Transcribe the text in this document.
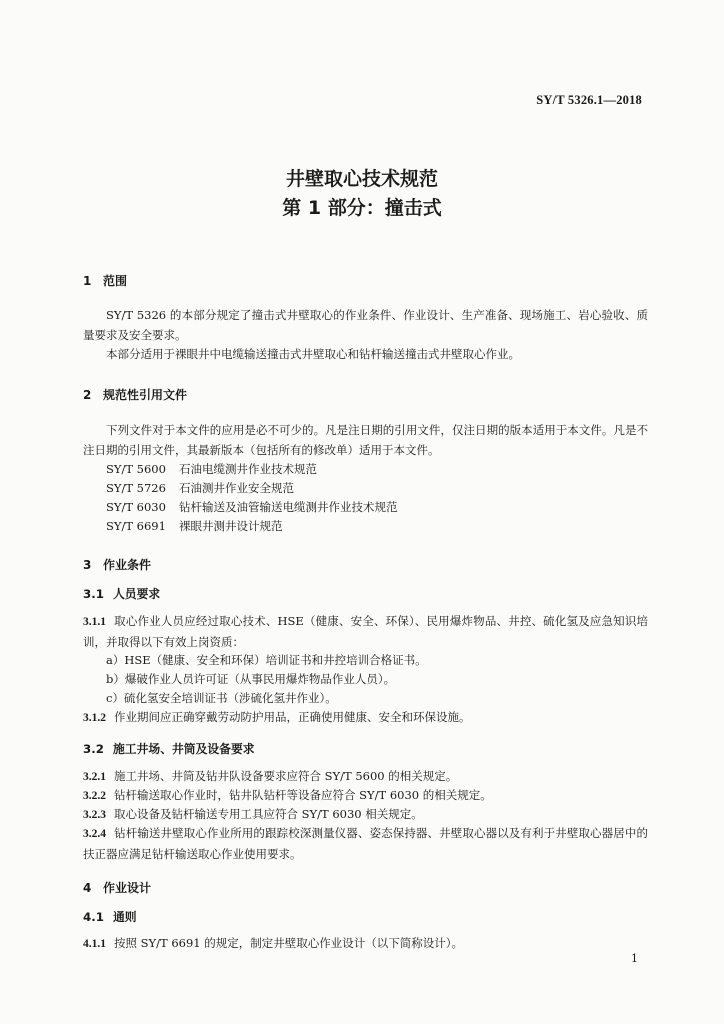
SY/T 5326.1—2018
井壁取心技术规范
第 1 部分：撞击式
1 范围
SY/T 5326 的本部分规定了撞击式井壁取心的作业条件、作业设计、生产准备、现场施工、岩心验收、质量要求及安全要求。
本部分适用于裸眼井中电缆输送撞击式井壁取心和钻杆输送撞击式井壁取心作业。
2 规范性引用文件
下列文件对于本文件的应用是必不可少的。凡是注日期的引用文件，仅注日期的版本适用于本文件。凡是不注日期的引用文件，其最新版本（包括所有的修改单）适用于本文件。
SY/T 5600 石油电缆测井作业技术规范
SY/T 5726 石油测井作业安全规范
SY/T 6030 钻杆输送及油管输送电缆测井作业技术规范
SY/T 6691 裸眼井测井设计规范
3 作业条件
3.1 人员要求
3.1.1 取心作业人员应经过取心技术、HSE（健康、安全、环保）、民用爆炸物品、井控、硫化氢及应急知识培训，并取得以下有效上岗资质：
a）HSE（健康、安全和环保）培训证书和井控培训合格证书。
b）爆破作业人员许可证（从事民用爆炸物品作业人员）。
c）硫化氢安全培训证书（涉硫化氢井作业）。
3.1.2 作业期间应正确穿戴劳动防护用品，正确使用健康、安全和环保设施。
3.2 施工井场、井筒及设备要求
3.2.1 施工井场、井筒及钻井队设备要求应符合 SY/T 5600 的相关规定。
3.2.2 钻杆输送取心作业时，钻井队钻杆等设备应符合 SY/T 6030 的相关规定。
3.2.3 取心设备及钻杆输送专用工具应符合 SY/T 6030 相关规定。
3.2.4 钻杆输送井壁取心作业所用的跟踪校深测量仪器、姿态保持器、井壁取心器以及有利于井壁取心器居中的扶正器应满足钻杆输送取心作业使用要求。
4 作业设计
4.1 通则
4.1.1 按照 SY/T 6691 的规定，制定井壁取心作业设计（以下简称设计）。
1
